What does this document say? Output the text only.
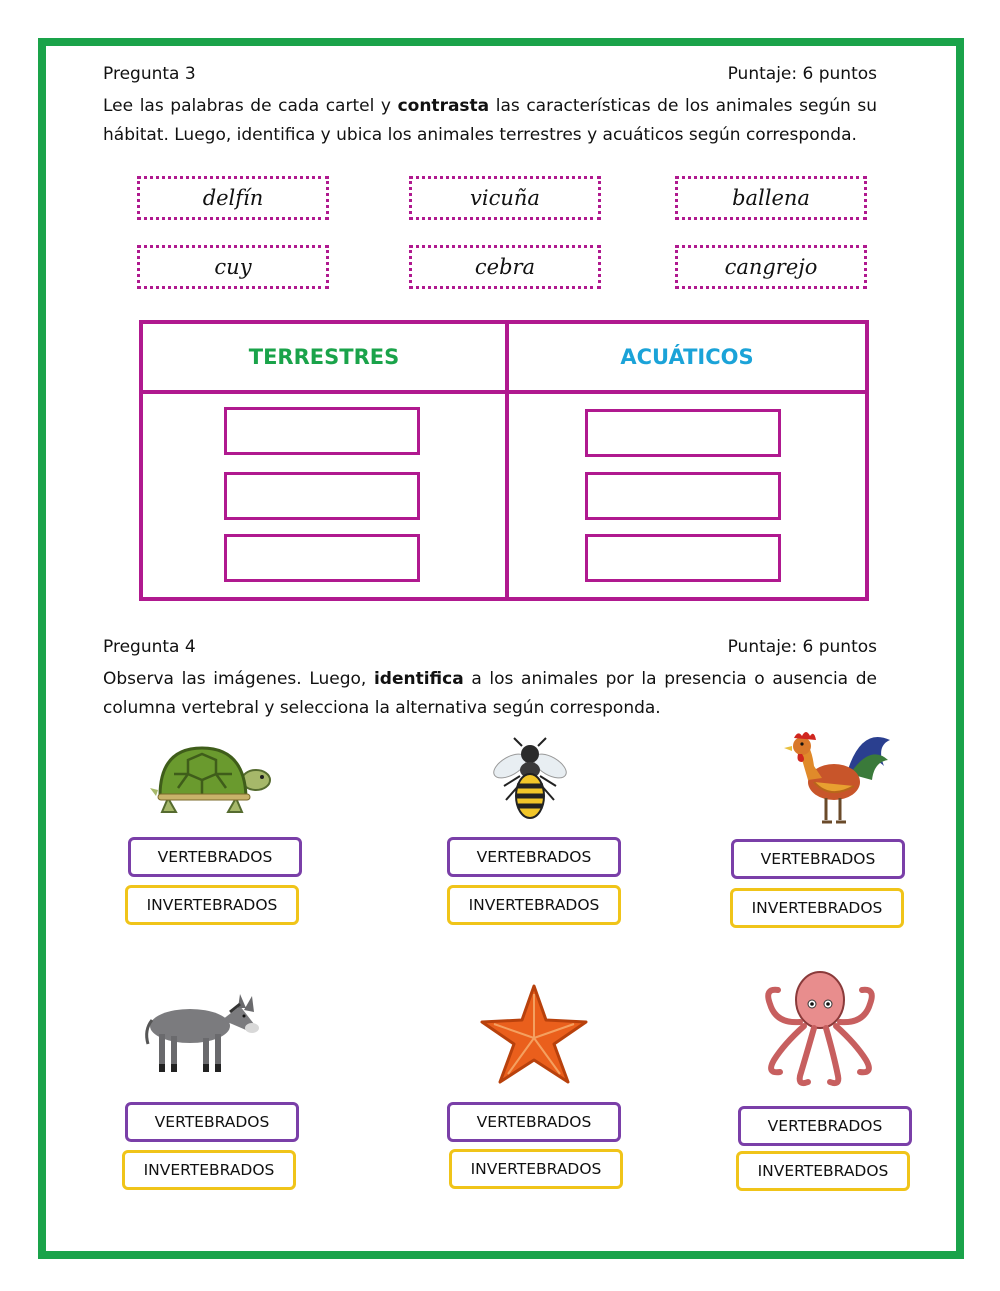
Pregunta 3	Puntaje: 6 puntos
Lee las palabras de cada cartel y contrasta las características de los animales según su hábitat. Luego, identifica y ubica los animales terrestres y acuáticos según corresponda.
delfín	vicuña	ballena
cuy	cebra	cangrejo
TERRESTRES	ACUÁTICOS
Pregunta 4	Puntaje: 6 puntos
Observa las imágenes. Luego, identifica a los animales por la presencia o ausencia de columna vertebral y selecciona la alternativa según corresponda.
VERTEBRADOS
INVERTEBRADOS
VERTEBRADOS
INVERTEBRADOS
VERTEBRADOS
INVERTEBRADOS
VERTEBRADOS
INVERTEBRADOS
VERTEBRADOS
INVERTEBRADOS
VERTEBRADOS
INVERTEBRADOS
